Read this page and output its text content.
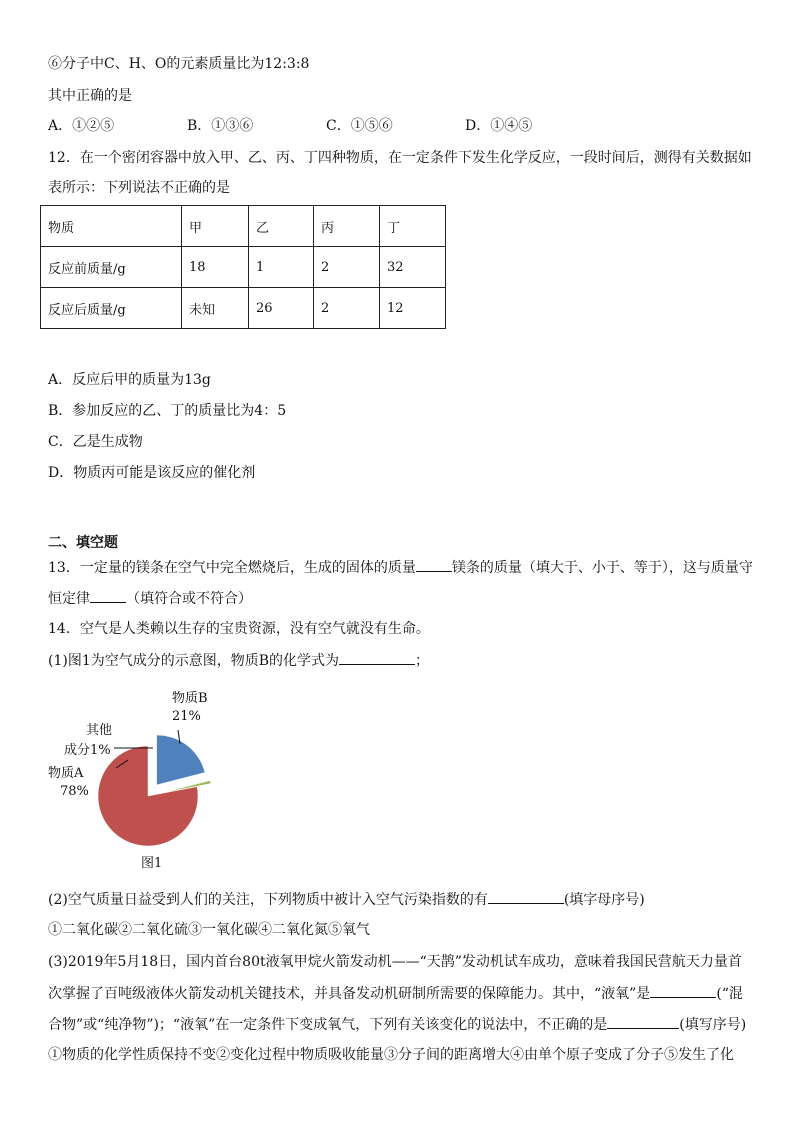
⑥分子中C、H、O的元素质量比为12:3:8
其中正确的是
A．①②⑤	B．①③⑥	C．①⑤⑥	D．①④⑤
12．在一个密闭容器中放入甲、乙、丙、丁四种物质，在一定条件下发生化学反应，一段时间后，测得有关数据如
表所示：下列说法不正确的是
物质	甲	乙	丙	丁
反应前质量/g	18	1	2	32
反应后质量/g	未知	26	2	12
A．反应后甲的质量为13g
B．参加反应的乙、丁的质量比为4：5
C．乙是生成物
D．物质丙可能是该反应的催化剂
二、填空题
13．一定量的镁条在空气中完全燃烧后，生成的固体的质量	镁条的质量（填大于、小于、等于），这与质量守
恒定律	（填符合或不符合）
14．空气是人类赖以生存的宝贵资源，没有空气就没有生命。
(1)图1为空气成分的示意图，物质B的化学式为	；
物质B
21%
其他
成分1%
物质A
78%
图1
(2)空气质量日益受到人们的关注，下列物质中被计入空气污染指数的有	(填字母序号)
①二氧化碳②二氧化硫③一氧化碳④二氧化氮⑤氧气
(3)2019年5月18日，国内首台80t液氧甲烷火箭发动机——“天鹊”发动机试车成功，意味着我国民营航天力量首
次掌握了百吨级液体火箭发动机关键技术，并具备发动机研制所需要的保障能力。其中，“液氧”是	(“混
合物”或“纯净物”)；“液氧”在一定条件下变成氧气，下列有关该变化的说法中，不正确的是	(填写序号)
①物质的化学性质保持不变②变化过程中物质吸收能量③分子间的距离增大④由单个原子变成了分子⑤发生了化
